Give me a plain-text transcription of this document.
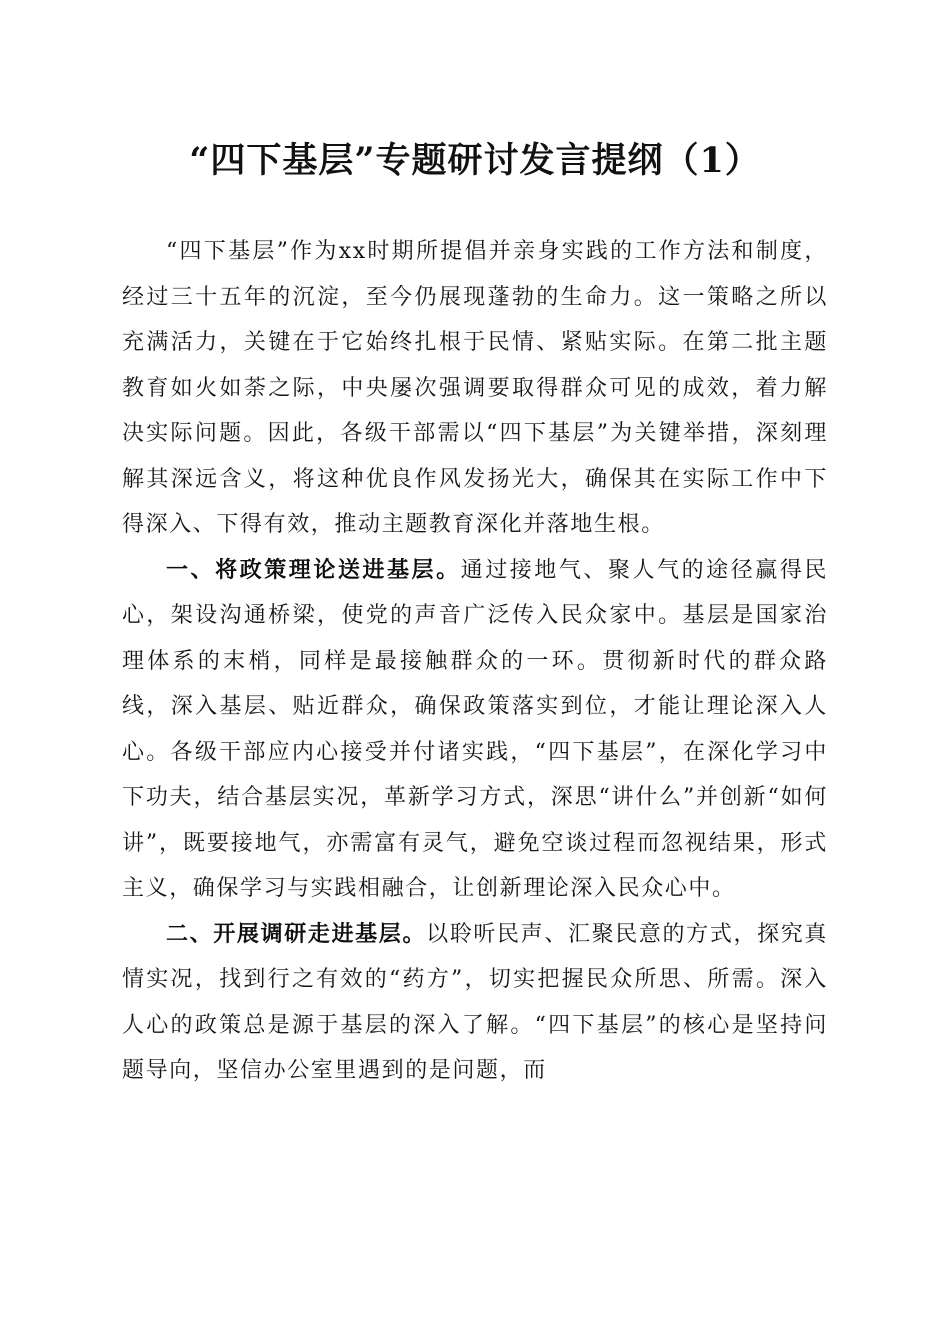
“四下基层”专题研讨发言提纲（1）

“四下基层”作为xx时期所提倡并亲身实践的工作方法和制度，经过三十五年的沉淀，至今仍展现蓬勃的生命力。这一策略之所以充满活力，关键在于它始终扎根于民情、紧贴实际。在第二批主题教育如火如荼之际，中央屡次强调要取得群众可见的成效，着力解决实际问题。因此，各级干部需以“四下基层”为关键举措，深刻理解其深远含义，将这种优良作风发扬光大，确保其在实际工作中下得深入、下得有效，推动主题教育深化并落地生根。

一、将政策理论送进基层。通过接地气、聚人气的途径赢得民心，架设沟通桥梁，使党的声音广泛传入民众家中。基层是国家治理体系的末梢，同样是最接触群众的一环。贯彻新时代的群众路线，深入基层、贴近群众，确保政策落实到位，才能让理论深入人心。各级干部应内心接受并付诸实践，“四下基层”，在深化学习中下功夫，结合基层实况，革新学习方式，深思“讲什么”并创新“如何讲”，既要接地气，亦需富有灵气，避免空谈过程而忽视结果，形式主义，确保学习与实践相融合，让创新理论深入民众心中。

二、开展调研走进基层。以聆听民声、汇聚民意的方式，探究真情实况，找到行之有效的“药方”，切实把握民众所思、所需。深入人心的政策总是源于基层的深入了解。“四下基层”的核心是坚持问题导向，坚信办公室里遇到的是问题，而
